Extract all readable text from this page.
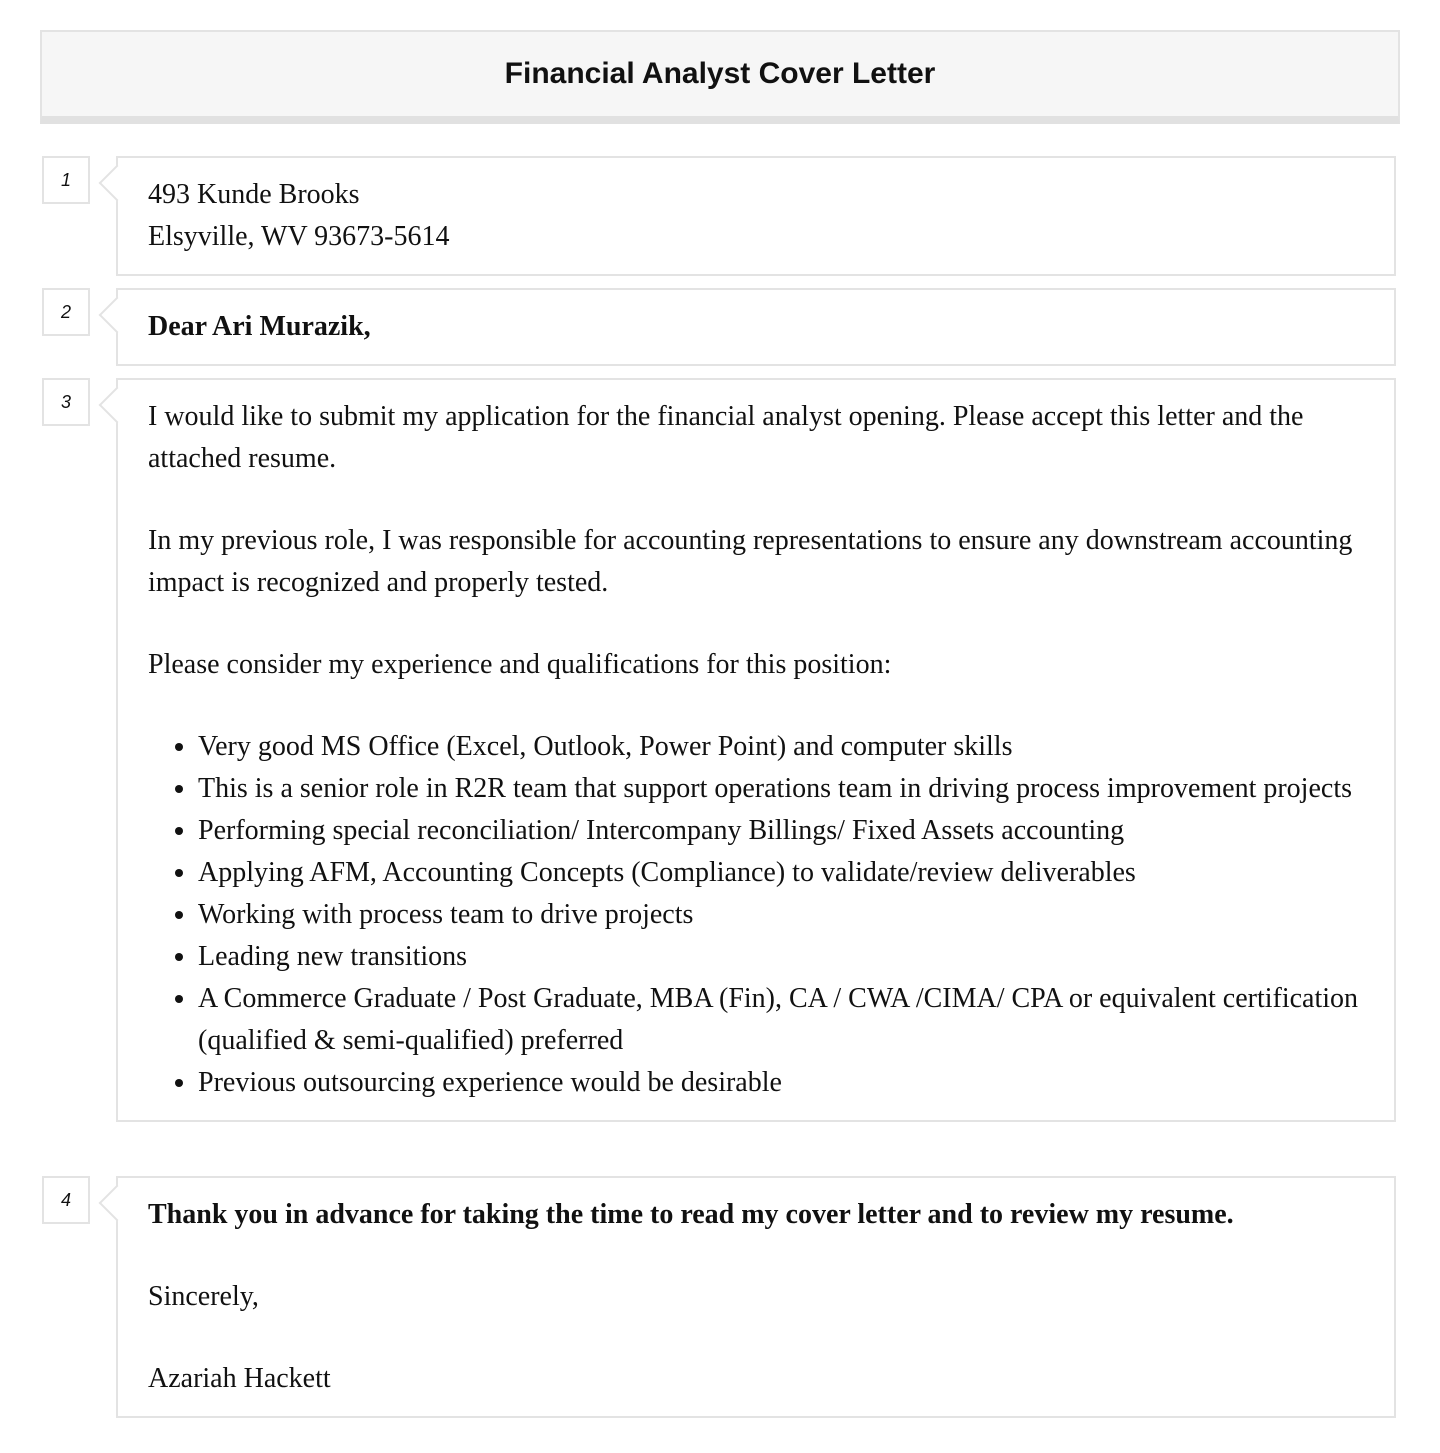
Financial Analyst Cover Letter
1	493 Kunde Brooks

Elsyville, WV 93673-5614

2	Dear Ari Murazik,

3	I would like to submit my application for the financial analyst opening. Please accept this letter and the attached resume.

In my previous role, I was responsible for accounting representations to ensure any downstream accounting impact is recognized and properly tested.

Please consider my experience and qualifications for this position:

• Very good MS Office (Excel, Outlook, Power Point) and computer skills
• This is a senior role in R2R team that support operations team in driving process improvement projects
• Performing special reconciliation/ Intercompany Billings/ Fixed Assets accounting
• Applying AFM, Accounting Concepts (Compliance) to validate/review deliverables
• Working with process team to drive projects
• Leading new transitions
• A Commerce Graduate / Post Graduate, MBA (Fin), CA / CWA /CIMA/ CPA or equivalent certification (qualified & semi-qualified) preferred
• Previous outsourcing experience would be desirable
4	Thank you in advance for taking the time to read my cover letter and to review my resume.

Sincerely,

Azariah Hackett
